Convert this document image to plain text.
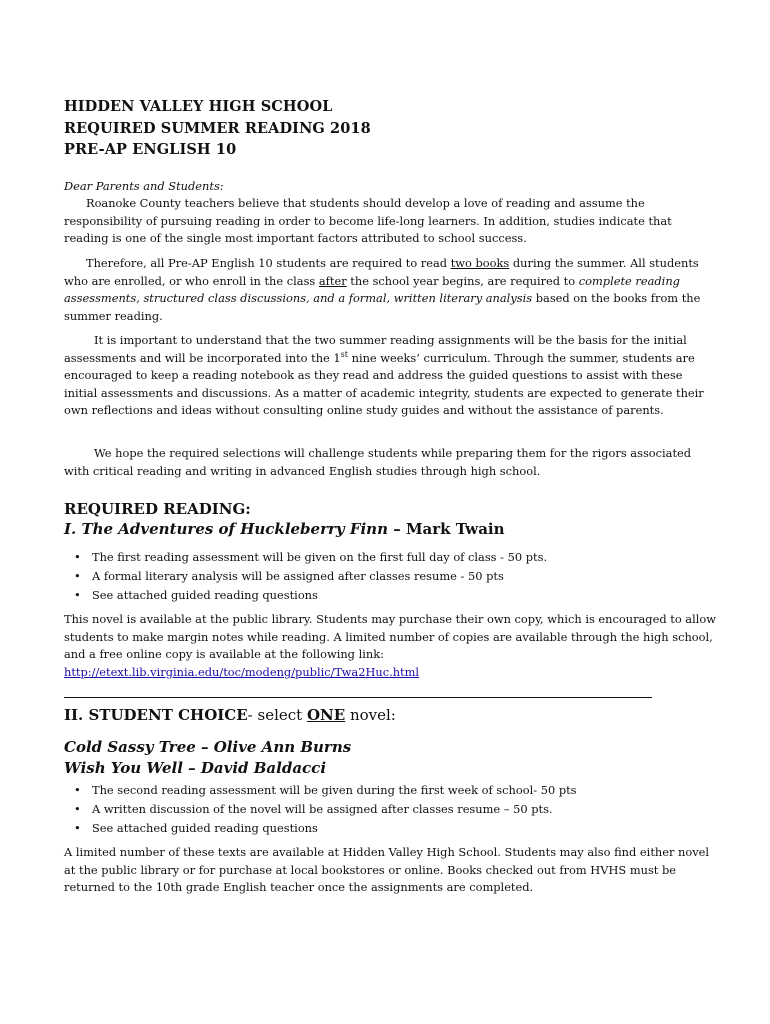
HIDDEN VALLEY HIGH SCHOOL
REQUIRED SUMMER READING 2018
PRE-AP ENGLISH 10
Dear Parents and Students:
Roanoke County teachers believe that students should develop a love of reading and assume the responsibility of pursuing reading in order to become life-long learners. In addition, studies indicate that reading is one of the single most important factors attributed to school success.
Therefore, all Pre-AP English 10 students are required to read two books during the summer. All students who are enrolled, or who enroll in the class after the school year begins, are required to complete reading assessments, structured class discussions, and a formal, written literary analysis based on the books from the summer reading.
It is important to understand that the two summer reading assignments will be the basis for the initial assessments and will be incorporated into the 1st nine weeks’ curriculum. Through the summer, students are encouraged to keep a reading notebook as they read and address the guided questions to assist with these initial assessments and discussions. As a matter of academic integrity, students are expected to generate their own reflections and ideas without consulting online study guides and without the assistance of parents.
We hope the required selections will challenge students while preparing them for the rigors associated with critical reading and writing in advanced English studies through high school.
REQUIRED READING:
I. The Adventures of Huckleberry Finn – Mark Twain
• The first reading assessment will be given on the first full day of class - 50 pts.
• A formal literary analysis will be assigned after classes resume - 50 pts
• See attached guided reading questions
This novel is available at the public library. Students may purchase their own copy, which is encouraged to allow students to make margin notes while reading. A limited number of copies are available through the high school, and a free online copy is available at the following link:
http://etext.lib.virginia.edu/toc/modeng/public/Twa2Huc.html
II. STUDENT CHOICE- select ONE novel:
Cold Sassy Tree – Olive Ann Burns
Wish You Well – David Baldacci
• The second reading assessment will be given during the first week of school- 50 pts
• A written discussion of the novel will be assigned after classes resume – 50 pts.
• See attached guided reading questions
A limited number of these texts are available at Hidden Valley High School. Students may also find either novel at the public library or for purchase at local bookstores or online. Books checked out from HVHS must be returned to the 10th grade English teacher once the assignments are completed.
